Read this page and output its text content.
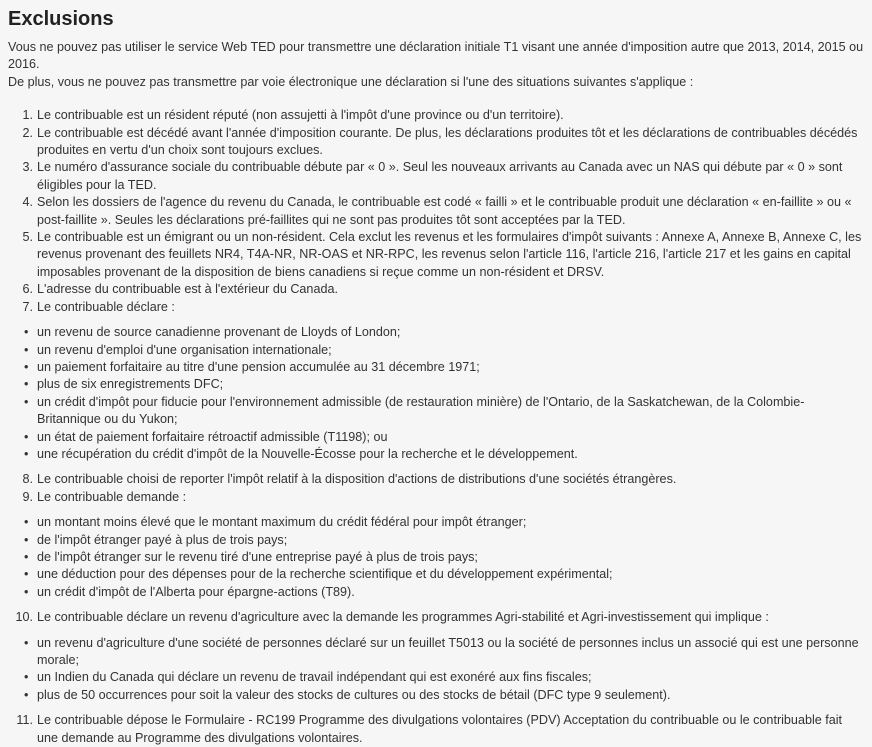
Exclusions

Vous ne pouvez pas utiliser le service Web TED pour transmettre une déclaration initiale T1 visant une année d'imposition autre que 2013, 2014, 2015 ou 2016.
De plus, vous ne pouvez pas transmettre par voie électronique une déclaration si l'une des situations suivantes s'applique :

1. Le contribuable est un résident réputé (non assujetti à l'impôt d'une province ou d'un territoire).
2. Le contribuable est décédé avant l'année d'imposition courante. De plus, les déclarations produites tôt et les déclarations de contribuables décédés produites en vertu d'un choix sont toujours exclues.
3. Le numéro d'assurance sociale du contribuable débute par « 0 ». Seul les nouveaux arrivants au Canada avec un NAS qui débute par « 0 » sont éligibles pour la TED.
4. Selon les dossiers de l'agence du revenu du Canada, le contribuable est codé « failli » et le contribuable produit une déclaration « en-faillite » ou « post-faillite ». Seules les déclarations pré-faillites qui ne sont pas produites tôt sont acceptées par la TED.
5. Le contribuable est un émigrant ou un non-résident. Cela exclut les revenus et les formulaires d'impôt suivants : Annexe A, Annexe B, Annexe C, les revenus provenant des feuillets NR4, T4A-NR, NR-OAS et NR-RPC, les revenus selon l'article 116, l'article 216, l'article 217 et les gains en capital imposables provenant de la disposition de biens canadiens si reçue comme un non-résident et DRSV.
6. L'adresse du contribuable est à l'extérieur du Canada.
7. Le contribuable déclare :
• un revenu de source canadienne provenant de Lloyds of London;
• un revenu d'emploi d'une organisation internationale;
• un paiement forfaitaire au titre d'une pension accumulée au 31 décembre 1971;
• plus de six enregistrements DFC;
• un crédit d'impôt pour fiducie pour l'environnement admissible (de restauration minière) de l'Ontario, de la Saskatchewan, de la Colombie-Britannique ou du Yukon;
• un état de paiement forfaitaire rétroactif admissible (T1198); ou
• une récupération du crédit d'impôt de la Nouvelle-Écosse pour la recherche et le développement.
8. Le contribuable choisi de reporter l'impôt relatif à la disposition d'actions de distributions d'une sociétés étrangères.
9. Le contribuable demande :
• un montant moins élevé que le montant maximum du crédit fédéral pour impôt étranger;
• de l'impôt étranger payé à plus de trois pays;
• de l'impôt étranger sur le revenu tiré d'une entreprise payé à plus de trois pays;
• une déduction pour des dépenses pour de la recherche scientifique et du développement expérimental;
• un crédit d'impôt de l'Alberta pour épargne-actions (T89).
10. Le contribuable déclare un revenu d'agriculture avec la demande les programmes Agri-stabilité et Agri-investissement qui implique :
• un revenu d'agriculture d'une société de personnes déclaré sur un feuillet T5013 ou la société de personnes inclus un associé qui est une personne morale;
• un Indien du Canada qui déclare un revenu de travail indépendant qui est exonéré aux fins fiscales;
• plus de 50 occurrences pour soit la valeur des stocks de cultures ou des stocks de bétail (DFC type 9 seulement).
11. Le contribuable dépose le Formulaire - RC199 Programme des divulgations volontaires (PDV) Acceptation du contribuable ou le contribuable fait une demande au Programme des divulgations volontaires.
